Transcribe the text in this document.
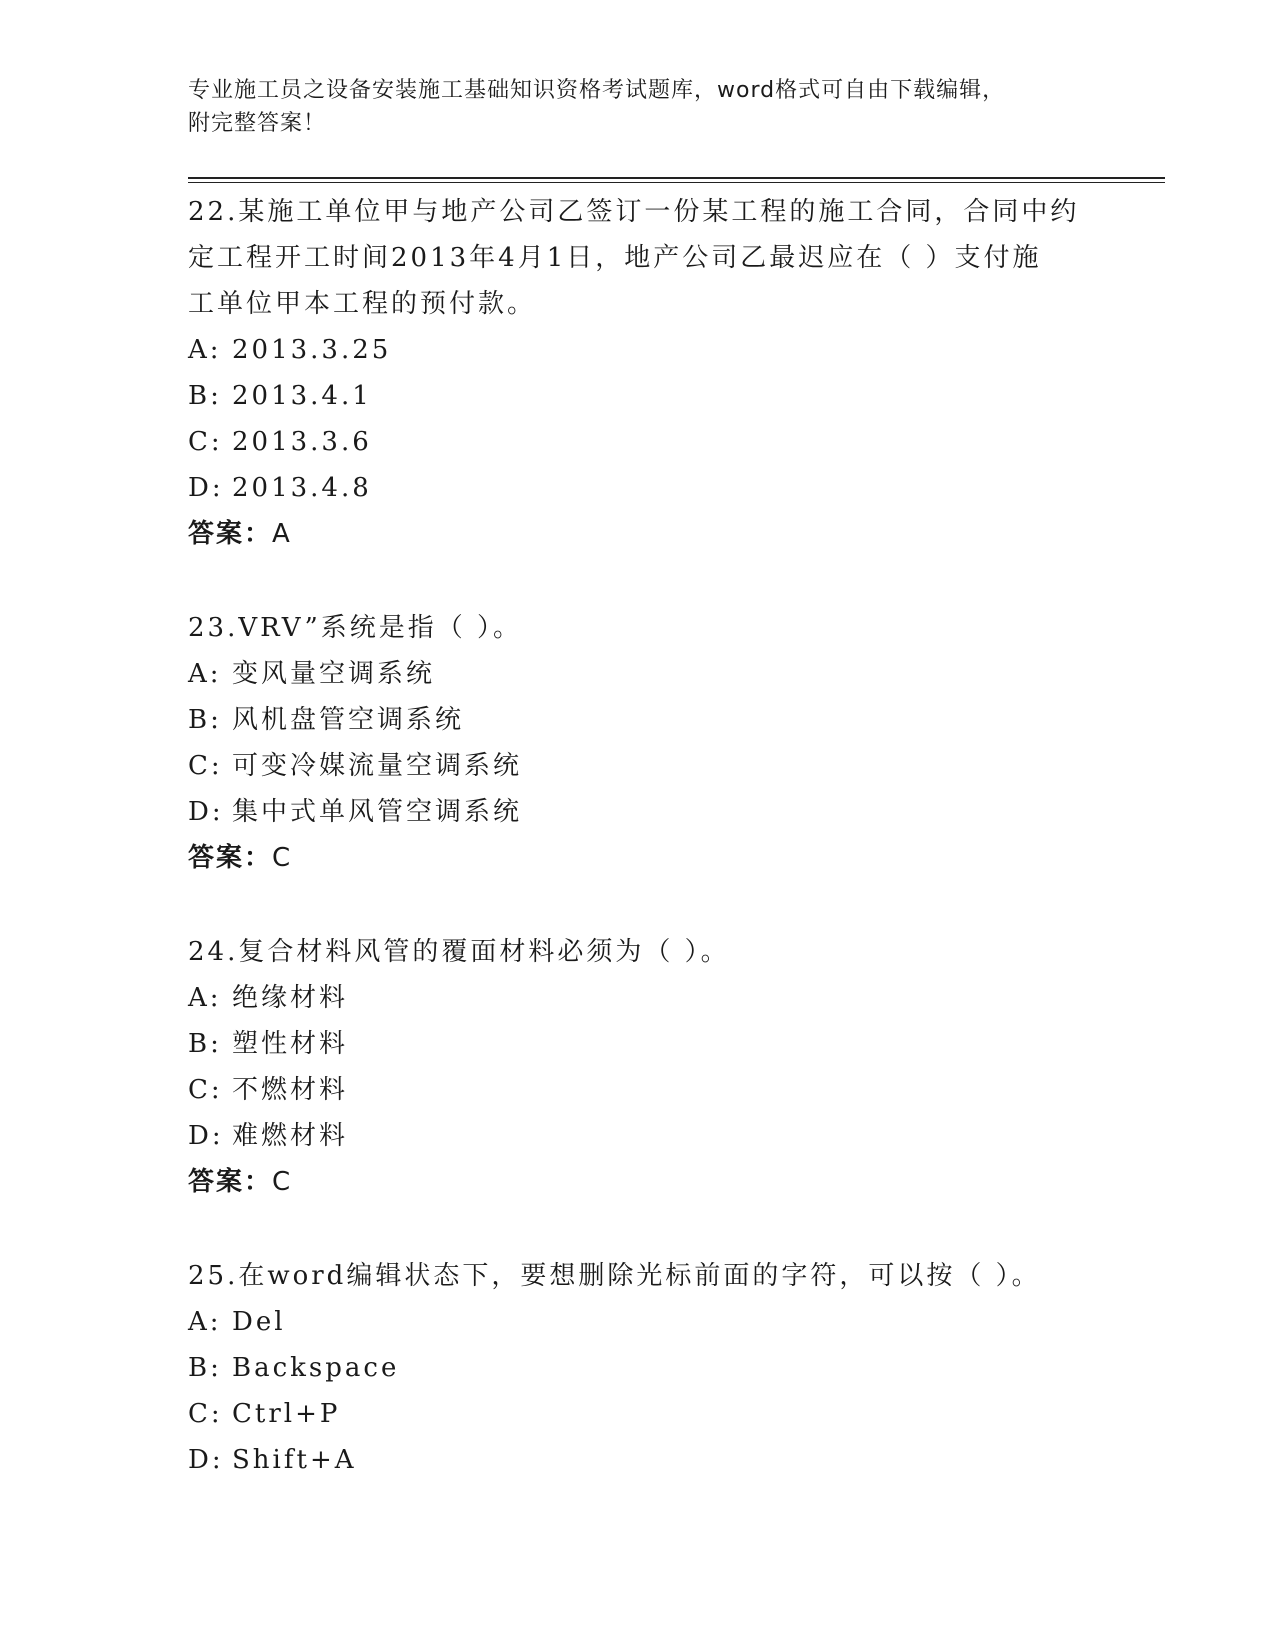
专业施工员之设备安装施工基础知识资格考试题库，word格式可自由下载编辑，
附完整答案！

22.某施工单位甲与地产公司乙签订一份某工程的施工合同，合同中约

定工程开工时间2013年4月1日，地产公司乙最迟应在（ ）支付施

工单位甲本工程的预付款。

A: 2013.3.25

B: 2013.4.1

C: 2013.3.6

D: 2013.4.8

答案：A

23.VRV”系统是指（ ）。

A: 变风量空调系统

B: 风机盘管空调系统

C: 可变冷媒流量空调系统

D: 集中式单风管空调系统

答案：C

24.复合材料风管的覆面材料必须为（ ）。

A: 绝缘材料

B: 塑性材料

C: 不燃材料

D: 难燃材料

答案：C

25.在word编辑状态下，要想删除光标前面的字符，可以按（ ）。

A: Del

B: Backspace

C: Ctrl+P

D: Shift+A
